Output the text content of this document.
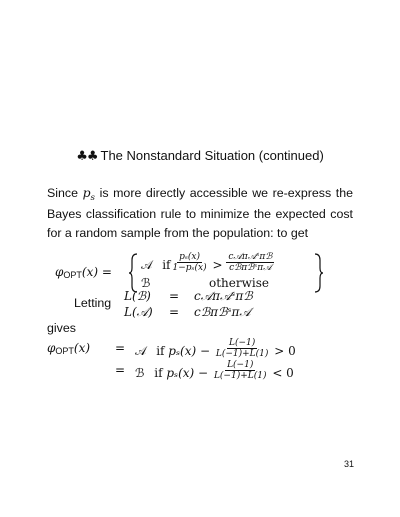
♣♣ The Nonstandard Situation (continued)
Since $p_s$ is more directly accessible we re-express the Bayes classification rule to minimize the expected cost for a random sample from the population: to get
φOPT(x) = 𝒜 if $\frac{\text{pₛ(x)}}{\text{1−pₛ(x)}} > \frac{\text{c𝒜π𝒜ˢπℬ}}{\text{cℬπℬˢπ𝒜}}$
ℬ	otherwise
Letting L(ℬ) = c𝒜π𝒜ˢπℬ
L(𝒜) = cℬπℬˢπ𝒜
gives
φOPT(x) = 𝒜 if $p_s(x) - \frac{L(-1)}{L(-1)+L(1)} > 0$
= ℬ if $p_s(x) - \frac{L(-1)}{L(-1)+L(1)} < 0$
31
